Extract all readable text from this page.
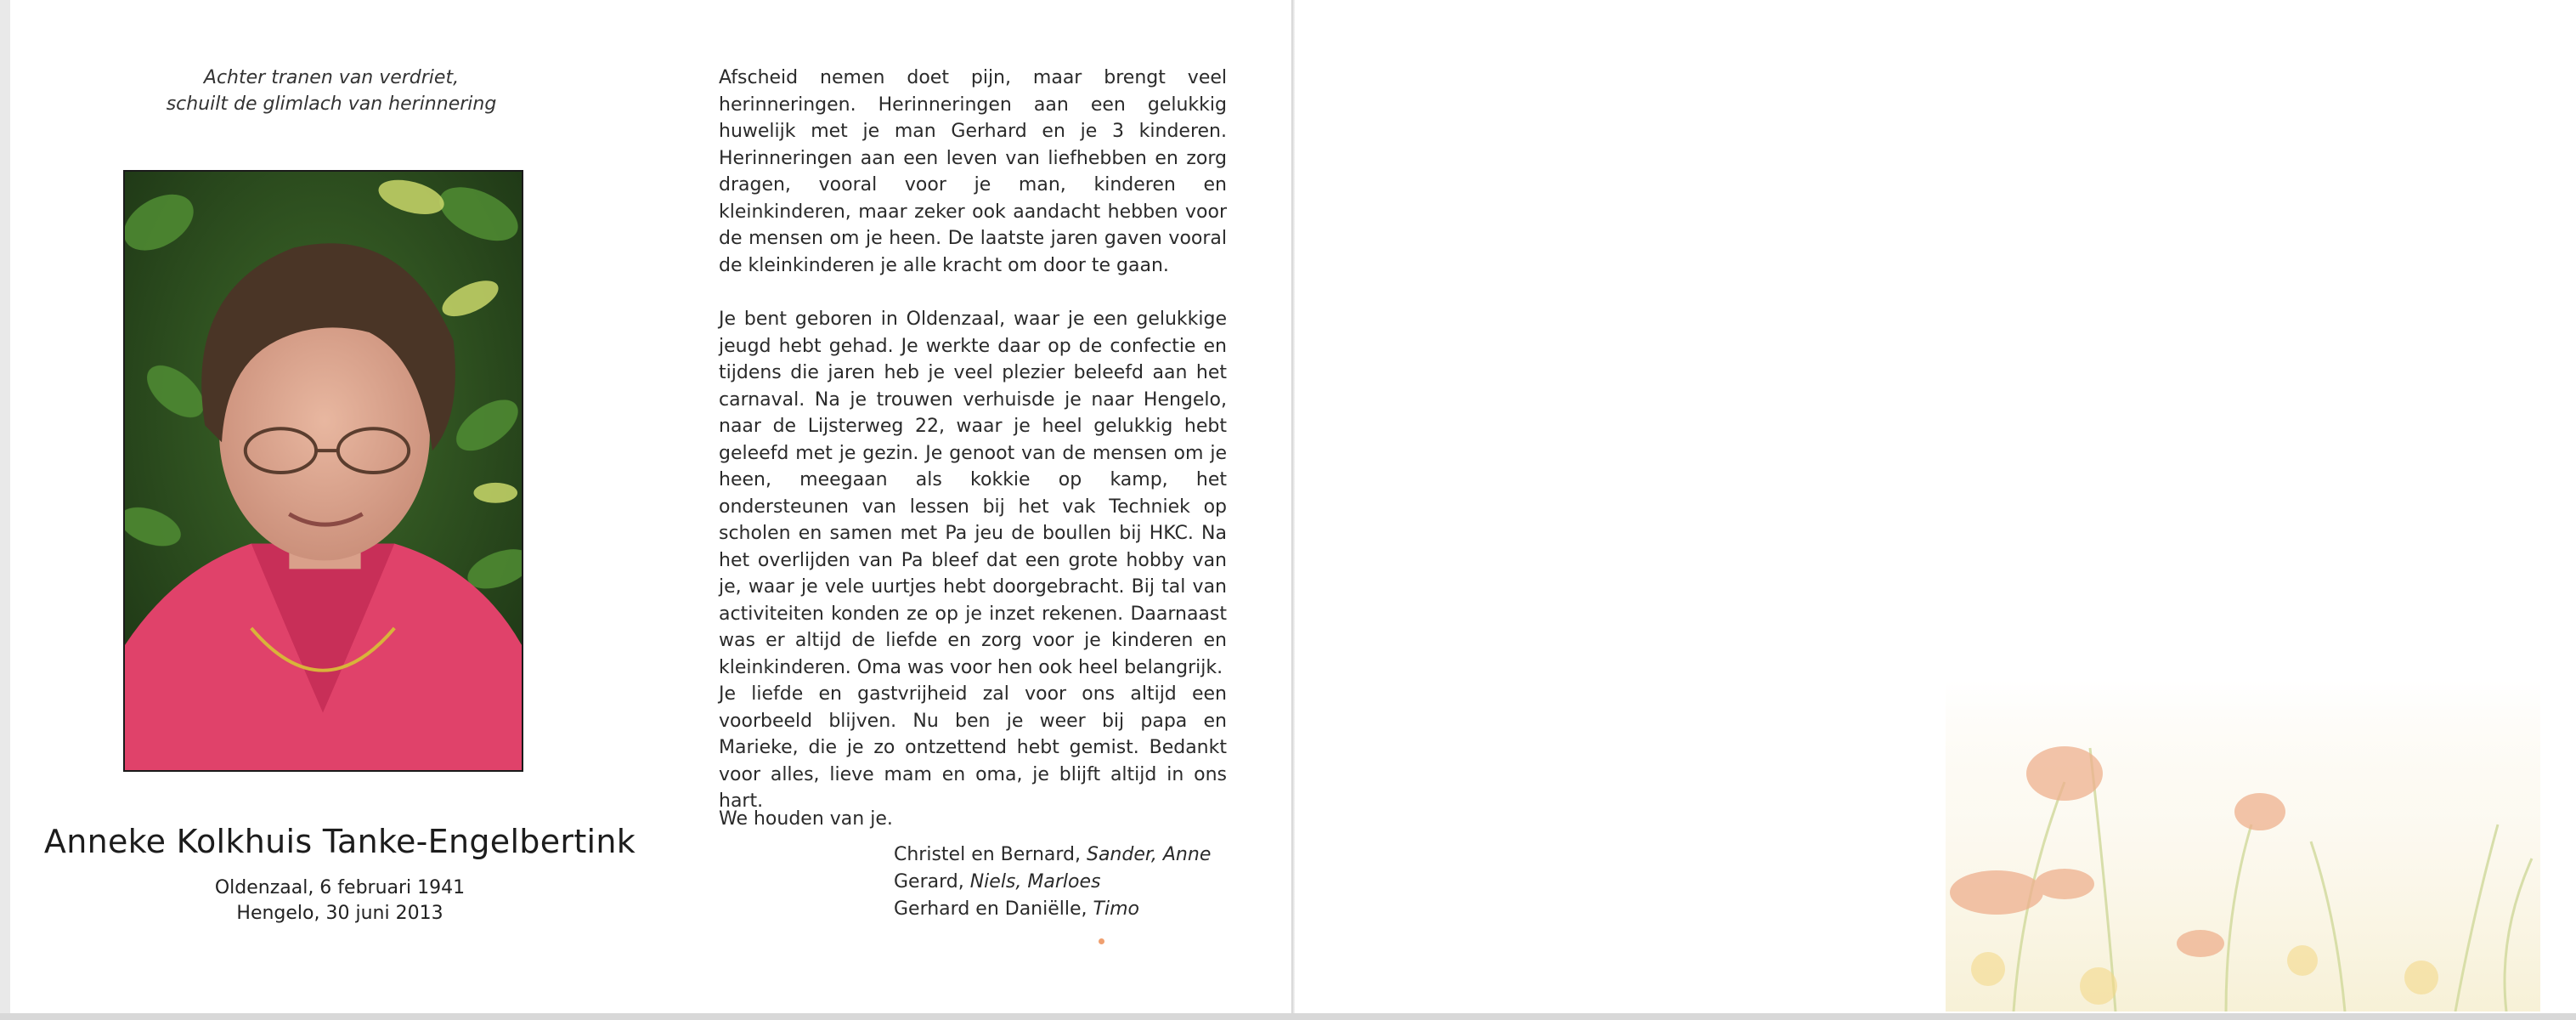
Achter tranen van verdriet,
schuilt de glimlach van herinnering
Anneke Kolkhuis Tanke-Engelbertink
Oldenzaal, 6 februari 1941
Hengelo, 30 juni 2013
Afscheid nemen doet pijn, maar brengt veel herinneringen. Herinneringen aan een gelukkig huwelijk met je man Gerhard en je 3 kinderen. Herinneringen aan een leven van liefhebben en zorg dragen, vooral voor je man, kinderen en kleinkinderen, maar zeker ook aandacht hebben voor de mensen om je heen. De laatste jaren gaven vooral de kleinkinderen je alle kracht om door te gaan.
Je bent geboren in Oldenzaal, waar je een gelukkige jeugd hebt gehad. Je werkte daar op de confectie en tijdens die jaren heb je veel plezier beleefd aan het carnaval. Na je trouwen verhuisde je naar Hengelo, naar de Lijsterweg 22, waar je heel gelukkig hebt geleefd met je gezin. Je genoot van de mensen om je heen, meegaan als kokkie op kamp, het ondersteunen van lessen bij het vak Techniek op scholen en samen met Pa jeu de boullen bij HKC. Na het overlijden van Pa bleef dat een grote hobby van je, waar je vele uurtjes hebt doorgebracht. Bij tal van activiteiten konden ze op je inzet rekenen. Daarnaast was er altijd de liefde en zorg voor je kinderen en kleinkinderen. Oma was voor hen ook heel belangrijk.
Je liefde en gastvrijheid zal voor ons altijd een voorbeeld blijven. Nu ben je weer bij papa en Marieke, die je zo ontzettend hebt gemist. Bedankt voor alles, lieve mam en oma, je blijft altijd in ons hart.
We houden van je.
Christel en Bernard, Sander, Anne
Gerard, Niels, Marloes
Gerhard en Daniëlle, Timo
